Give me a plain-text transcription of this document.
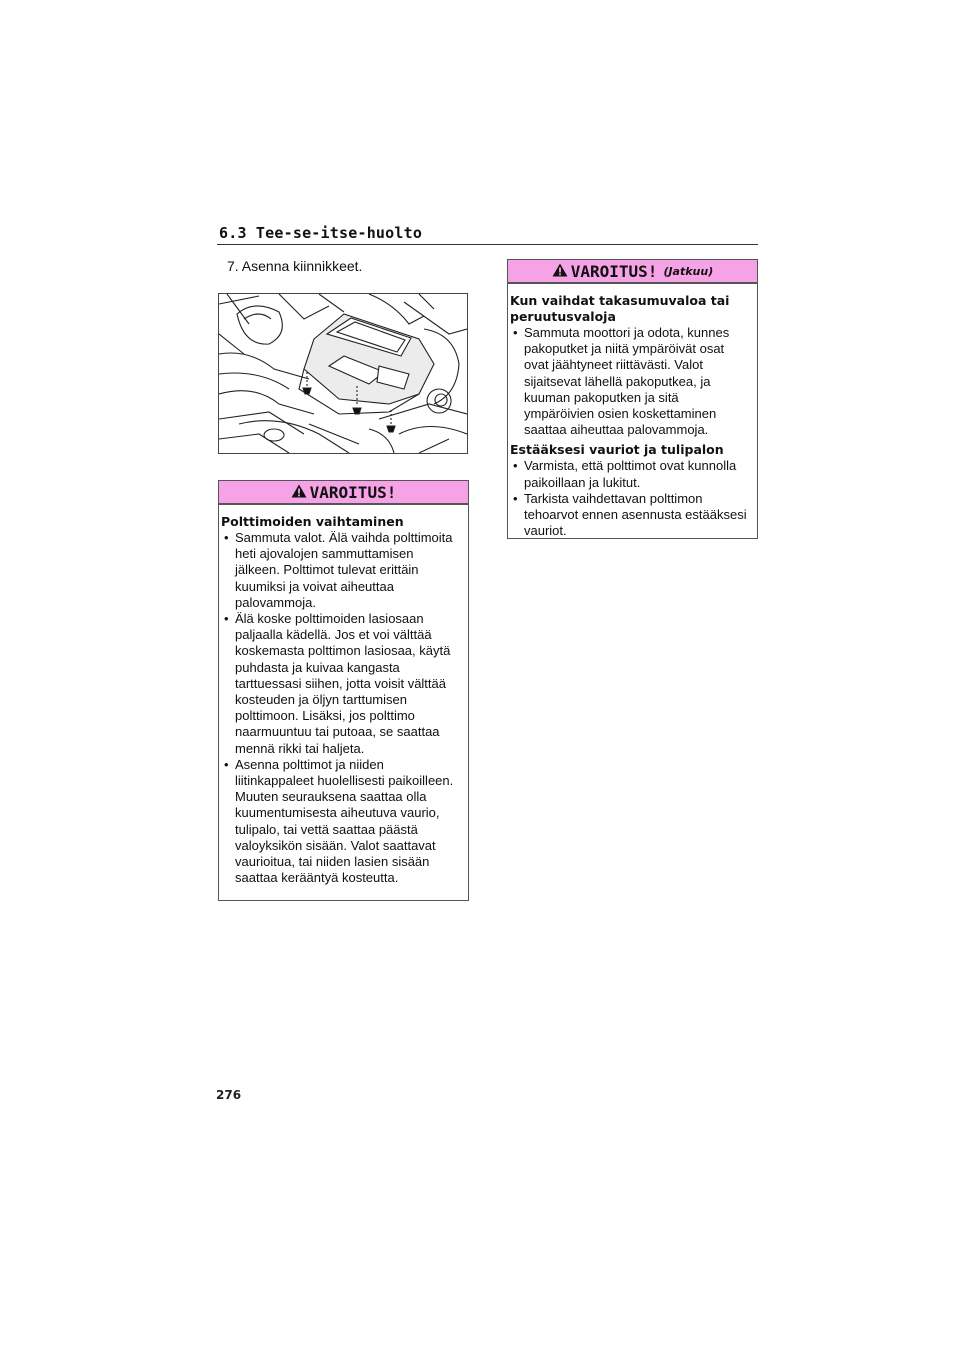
6.3 Tee-se-itse-huolto
7. Asenna kiinnikkeet.
VAROITUS!
Polttimoiden vaihtaminen
• Sammuta valot. Älä vaihda polttimoita heti ajovalojen sammuttamisen jälkeen. Polttimot tulevat erittäin kuumiksi ja voivat aiheuttaa palovammoja.
• Älä koske polttimoiden lasiosaan paljaalla kädellä. Jos et voi välttää koskemasta polttimon lasiosaa, käytä puhdasta ja kuivaa kangasta tarttuessasi siihen, jotta voisit välttää kosteuden ja öljyn tarttumisen polttimoon. Lisäksi, jos polttimo naarmuuntuu tai putoaa, se saattaa mennä rikki tai haljeta.
• Asenna polttimot ja niiden liitinkappaleet huolellisesti paikoilleen. Muuten seurauksena saattaa olla kuumentumisesta aiheutuva vaurio, tulipalo, tai vettä saattaa päästä valoyksikön sisään. Valot saattavat vaurioitua, tai niiden lasien sisään saattaa kerääntyä kosteutta.
VAROITUS! (Jatkuu)
Kun vaihdat takasumuvaloa tai peruutusvaloja
• Sammuta moottori ja odota, kunnes pakoputket ja niitä ympäröivät osat ovat jäähtyneet riittävästi. Valot sijaitsevat lähellä pakoputkea, ja kuuman pakoputken ja sitä ympäröivien osien koskettaminen saattaa aiheuttaa palovammoja.
Estääksesi vauriot ja tulipalon
• Varmista, että polttimot ovat kunnolla paikoillaan ja lukitut.
• Tarkista vaihdettavan polttimon tehoarvot ennen asennusta estääksesi vauriot.
276
